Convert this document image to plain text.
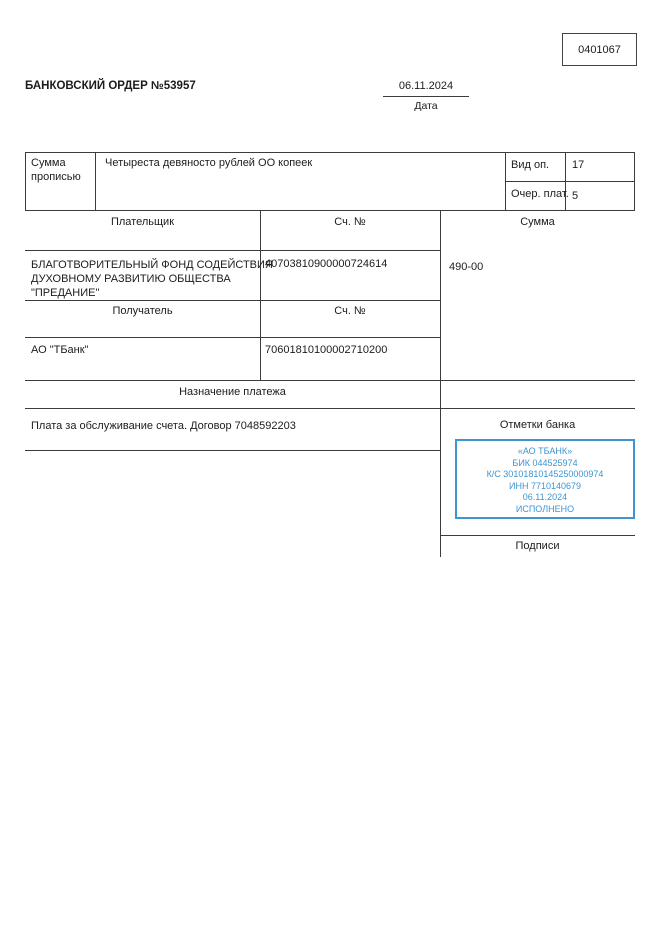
0401067
БАНКОВСКИЙ ОРДЕР №53957	06.11.2024
Дата
Сумма прописью
Четыреста девяносто рублей ОО копеек	Вид оп. 17
Очер. плат. 5
Плательщик	Сч. №	Сумма
БЛАГОТВОРИТЕЛЬНЫЙ ФОНД СОДЕЙСТВИЯ
ДУХОВНОМУ РАЗВИТИЮ ОБЩЕСТВА
"ПРЕДАНИЕ"
40703810900000724614	490-00
Получатель	Сч. №
АО "ТБанк"	70601810100002710200
Назначение платежа
Плата за обслуживание счета. Договор 7048592203	Отметки банка
«АО ТБАНК»
БИК 044525974
К/С 30101810145250000974
ИНН 7710140679
06.11.2024
ИСПОЛНЕНО
Подписи
